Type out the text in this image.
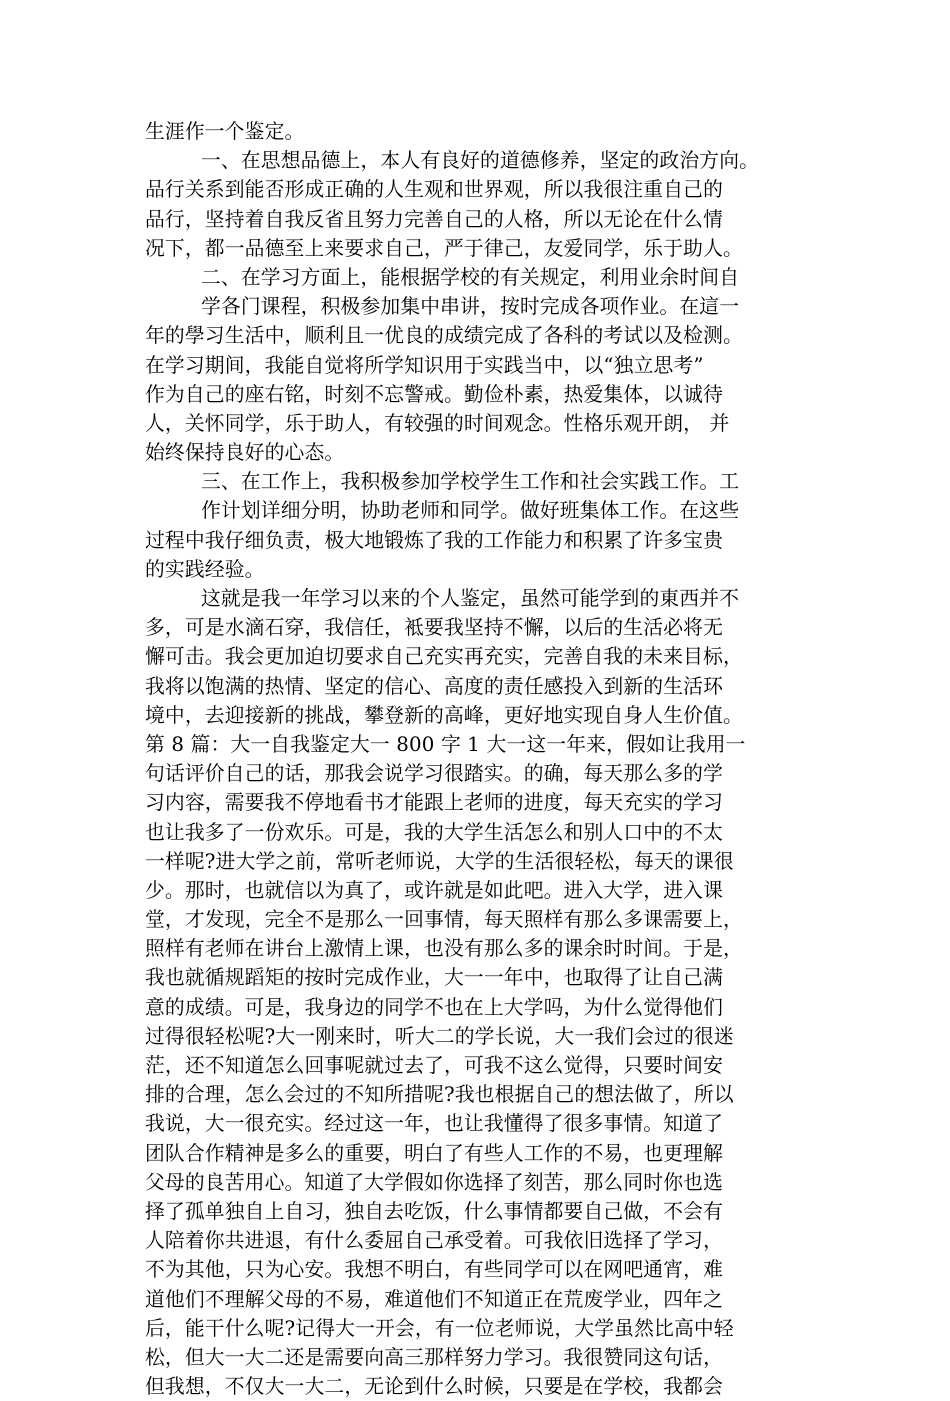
生涯作一个鉴定。
一、在思想品德上，本人有良好的道德修养，坚定的政治方向。
品行关系到能否形成正确的人生观和世界观，所以我很注重自己的
品行，坚持着自我反省且努力完善自己的人格，所以无论在什么情
况下，都一品德至上来要求自己，严于律己，友爱同学，乐于助人。
二、在学习方面上，能根据学校的有关规定，利用业余时间自
学各门课程，积极参加集中串讲，按时完成各项作业。在這一
年的學习生活中，顺利且一优良的成绩完成了各科的考试以及检测。
在学习期间，我能自觉将所学知识用于实践当中，以“独立思考”
作为自己的座右铭，时刻不忘警戒。勤俭朴素，热爱集体，以诚待
人，关怀同学，乐于助人，有较强的时间观念。性格乐观开朗， 并
始终保持良好的心态。
三、在工作上，我积极参加学校学生工作和社会实践工作。工
作计划详细分明，协助老师和同学。做好班集体工作。在这些
过程中我仔细负责，极大地锻炼了我的工作能力和积累了许多宝贵
的实践经验。
这就是我一年学习以来的个人鉴定，虽然可能学到的東西并不
多，可是水滴石穿，我信任，袛要我坚持不懈，以后的生活必将无
懈可击。我会更加迫切要求自己充实再充实，完善自我的未来目标，
我将以饱满的热情、坚定的信心、高度的责任感投入到新的生活环
境中，去迎接新的挑战，攀登新的高峰，更好地实现自身人生价值。
第 8 篇：大一自我鉴定大一 800 字 1 大一这一年来，假如让我用一
句话评价自己的话，那我会说学习很踏实。的确，每天那么多的学
习内容，需要我不停地看书才能跟上老师的进度，每天充实的学习
也让我多了一份欢乐。可是，我的大学生活怎么和别人口中的不太
一样呢?进大学之前，常听老师说，大学的生活很轻松，每天的课很
少。那时，也就信以为真了，或许就是如此吧。进入大学，进入课
堂，才发现，完全不是那么一回事情，每天照样有那么多课需要上，
照样有老师在讲台上激情上课，也没有那么多的课余时时间。于是，
我也就循规蹈矩的按时完成作业，大一一年中，也取得了让自己满
意的成绩。可是，我身边的同学不也在上大学吗，为什么觉得他们
过得很轻松呢?大一刚来时，听大二的学长说，大一我们会过的很迷
茫，还不知道怎么回事呢就过去了，可我不这么觉得，只要时间安
排的合理，怎么会过的不知所措呢?我也根据自己的想法做了，所以
我说，大一很充实。经过这一年，也让我懂得了很多事情。知道了
团队合作精神是多么的重要，明白了有些人工作的不易，也更理解
父母的良苦用心。知道了大学假如你选择了刻苦，那么同时你也选
择了孤单独自上自习，独自去吃饭，什么事情都要自己做，不会有
人陪着你共进退，有什么委屈自己承受着。可我依旧选择了学习，
不为其他，只为心安。我想不明白，有些同学可以在网吧通宵，难
道他们不理解父母的不易，难道他们不知道正在荒废学业，四年之
后，能干什么呢?记得大一开会，有一位老师说，大学虽然比高中轻
松，但大一大二还是需要向高三那样努力学习。我很赞同这句话，
但我想，不仅大一大二，无论到什么时候，只要是在学校，我都会
